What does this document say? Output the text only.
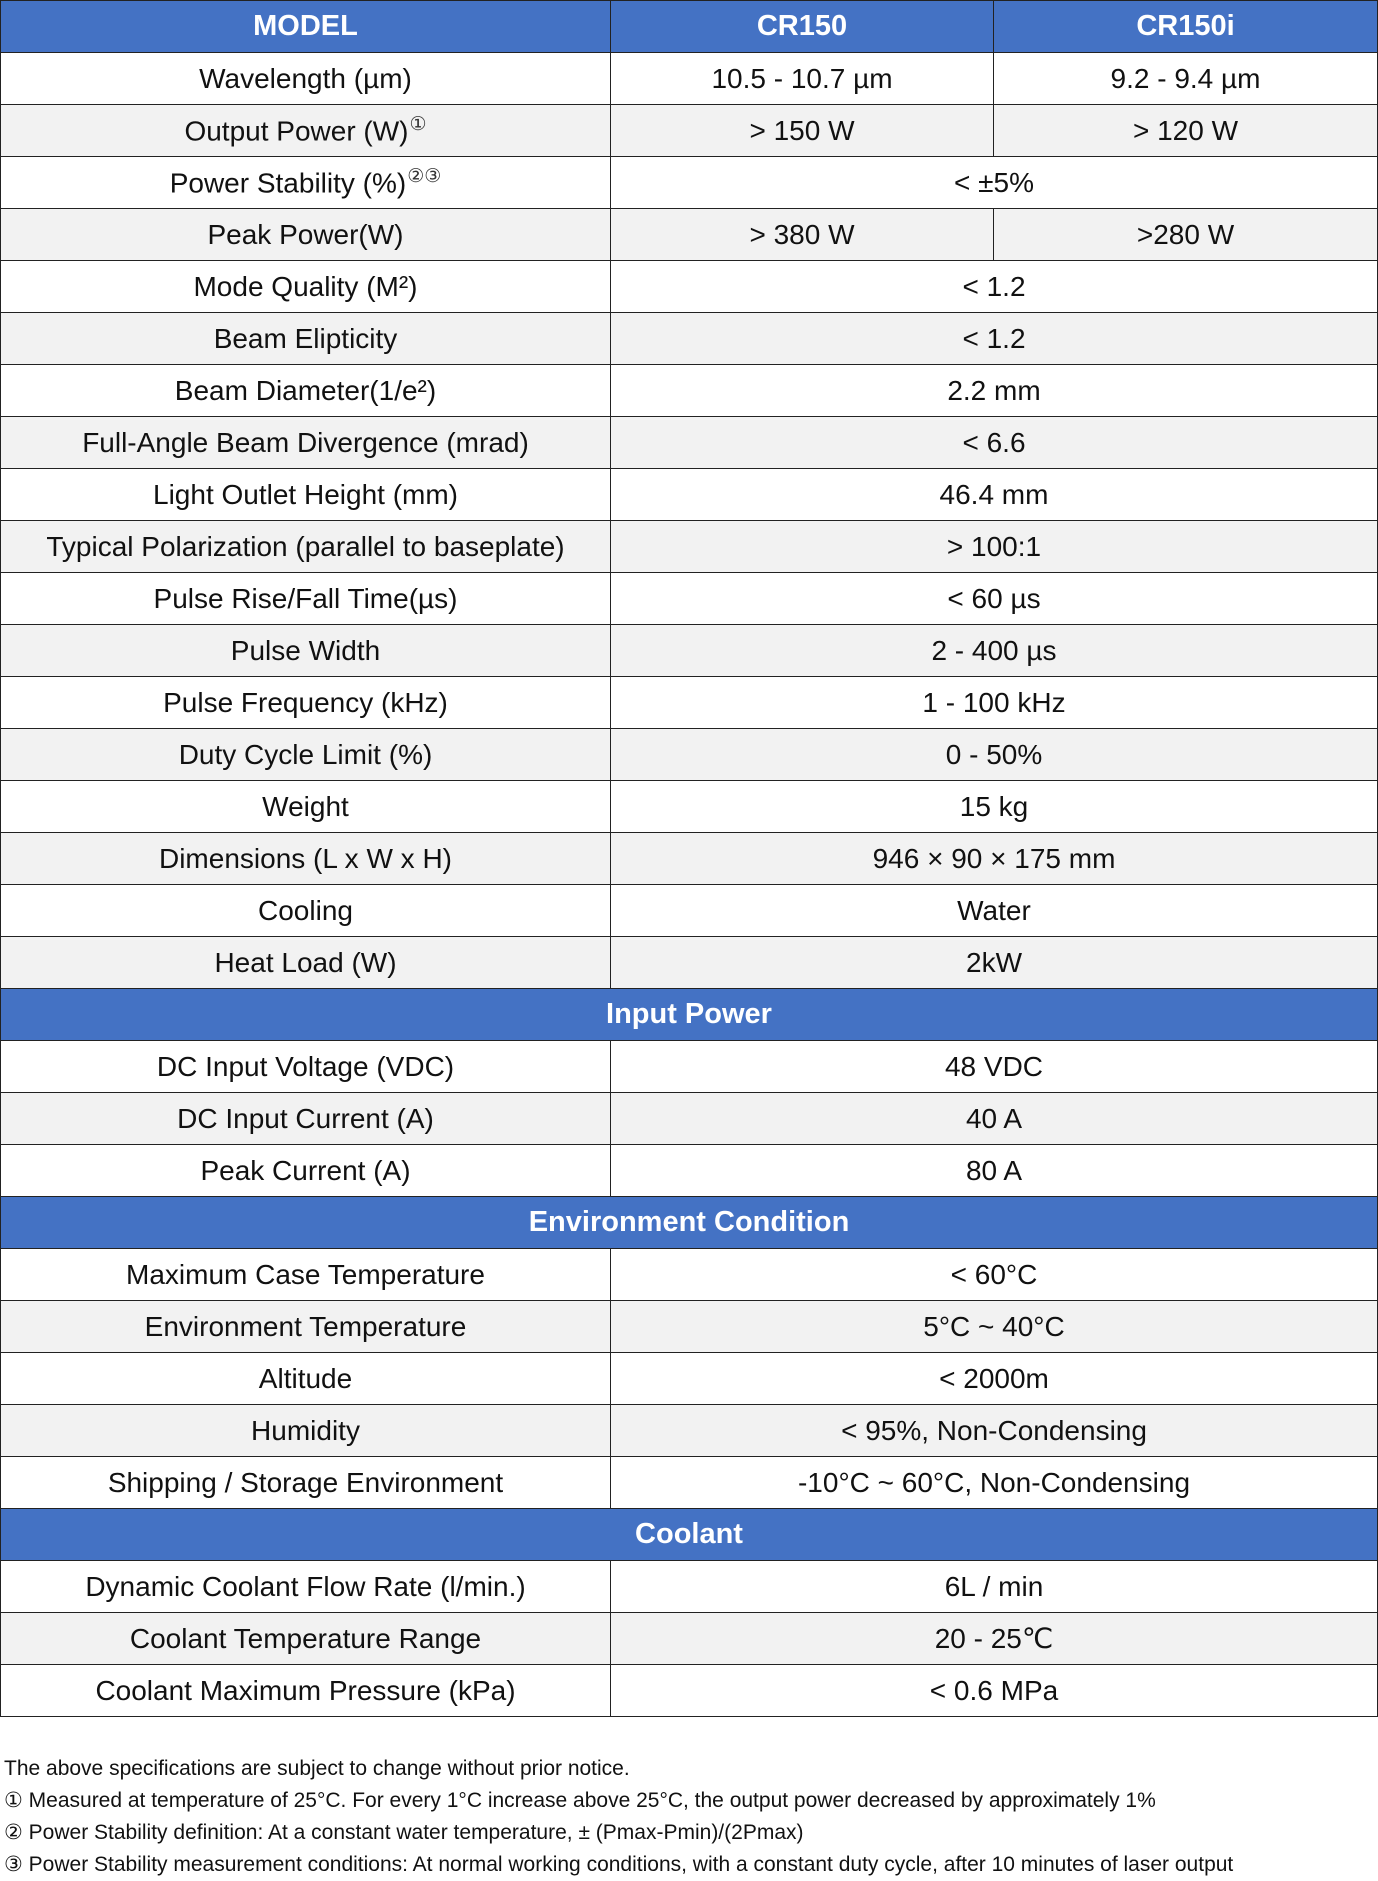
MODEL	CR150	CR150i
Wavelength (µm)	10.5 - 10.7 µm	9.2 - 9.4 µm
Output Power (W)①	> 150 W	> 120 W
Power Stability (%)②③	< ±5%	
Peak Power(W)	> 380 W	>280 W
Mode Quality (M²)	< 1.2	
Beam Elipticity	< 1.2	
Beam Diameter(1/e²)	2.2 mm	
Full-Angle Beam Divergence (mrad)	< 6.6	
Light Outlet Height (mm)	46.4 mm	
Typical Polarization (parallel to baseplate)	> 100:1	
Pulse Rise/Fall Time(µs)	< 60 µs	
Pulse Width	2 - 400 µs	
Pulse Frequency (kHz)	1 - 100 kHz	
Duty Cycle Limit (%)	0 - 50%	
Weight	15 kg	
Dimensions (L x W x H)	946 × 90 × 175 mm	
Cooling	Water	
Heat Load (W)	2kW	
Input Power		
DC Input Voltage (VDC)	48 VDC	
DC Input Current (A)	40 A	
Peak Current (A)	80 A	
Environment Condition		
Maximum Case Temperature	< 60°C	
Environment Temperature	5°C ~ 40°C	
Altitude	< 2000m	
Humidity	< 95%, Non-Condensing	
Shipping / Storage Environment	-10°C ~ 60°C, Non-Condensing	
Coolant		
Dynamic Coolant Flow Rate (l/min.)	6L / min	
Coolant Temperature Range	20 - 25℃	
Coolant Maximum Pressure (kPa)	< 0.6 MPa	
The above specifications are subject to change without prior notice.
① Measured at temperature of 25°C. For every 1°C increase above 25°C, the output power decreased by approximately 1%
② Power Stability definition: At a constant water temperature, ± (Pmax-Pmin)/(2Pmax)
③ Power Stability measurement conditions: At normal working conditions, with a constant duty cycle, after 10 minutes of laser output
